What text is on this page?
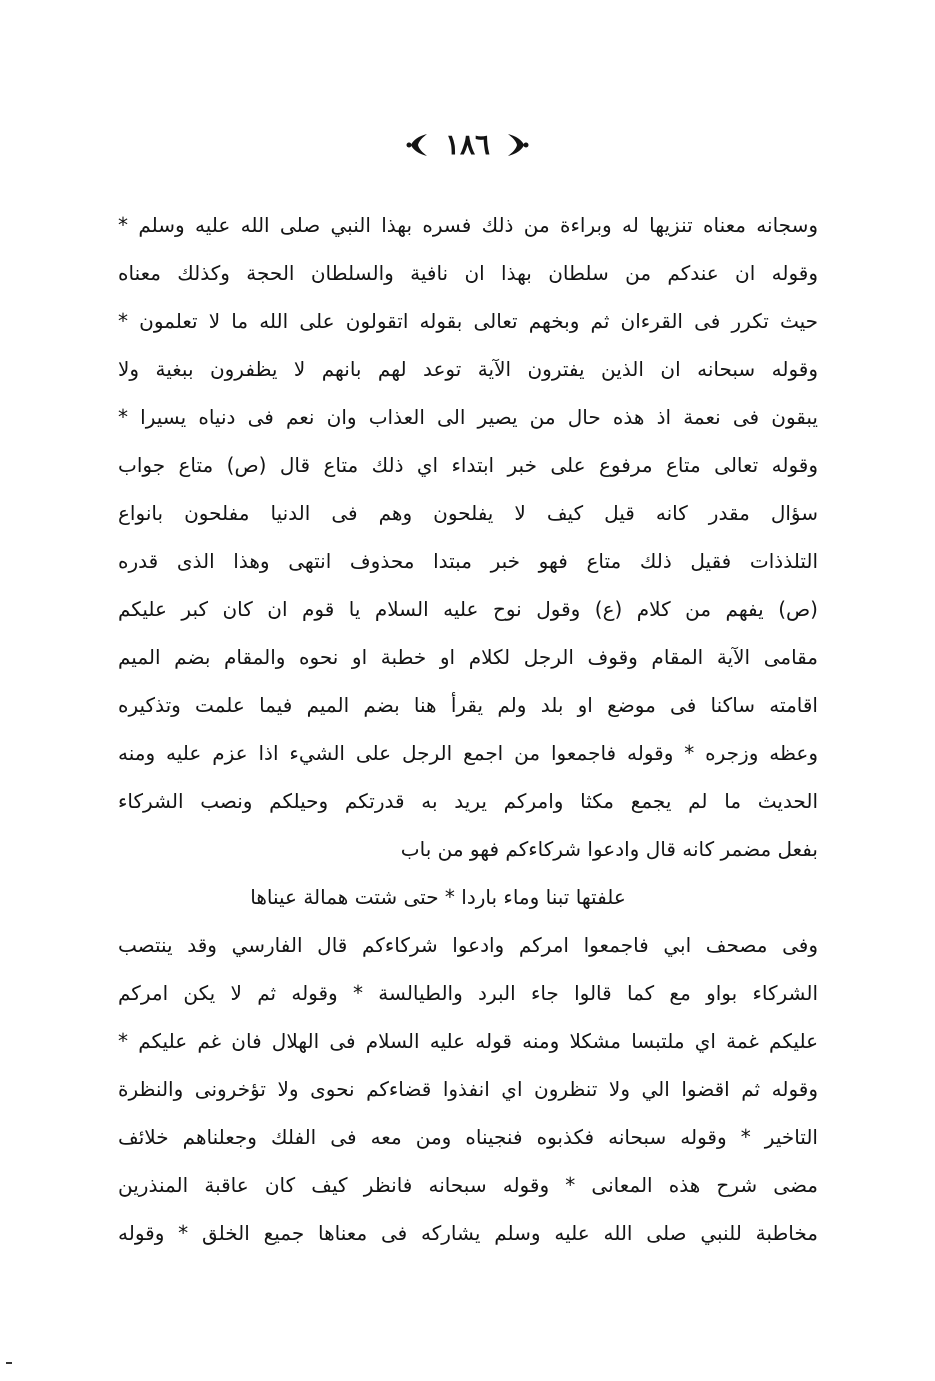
١٨٦
وسجانه معناه تنزيها له وبراءة من ذلك فسره بهذا النبي صلى الله عليه وسلم *
وقوله ان عندكم من سلطان بهذا ان نافية والسلطان الحجة وكذلك معناه
حيث تكرر فى القرءان ثم وبخهم تعالى بقوله اتقولون على الله ما لا تعلمون *
وقوله سبحانه ان الذين يفترون الآية توعد لهم بانهم لا يظفرون ببغية ولا
يبقون فى نعمة اذ هذه حال من يصير الى العذاب وان نعم فى دنياه يسيرا *
وقوله تعالى متاع مرفوع على خبر ابتداء اي ذلك متاع قال (ص) متاع جواب
سؤال مقدر كانه قيل كيف لا يفلحون وهم فى الدنيا مفلحون بانواع
التلذذات فقيل ذلك متاع فهو خبر مبتدا محذوف انتهى وهذا الذى قدره
(ص) يفهم من كلام (ع) وقول نوح عليه السلام يا قوم ان كان كبر عليكم
مقامى الآية المقام وقوف الرجل لكلام او خطبة او نحوه والمقام بضم الميم
اقامته ساكنا فى موضع او بلد ولم يقرأ هنا بضم الميم فيما علمت وتذكيره
وعظه وزجره * وقوله فاجمعوا من اجمع الرجل على الشيء اذا عزم عليه ومنه
الحديث ما لم يجمع مكثا وامركم يريد به قدرتكم وحيلكم ونصب الشركاء
بفعل مضمر كانه قال وادعوا شركاءكم فهو من باب
علفتها تبنا وماء باردا * حتى شتت همالة عيناها
وفى مصحف ابي فاجمعوا امركم وادعوا شركاءكم قال الفارسي وقد ينتصب
الشركاء بواو مع كما قالوا جاء البرد والطيالسة * وقوله ثم لا يكن امركم
عليكم غمة اي ملتبسا مشكلا ومنه قوله عليه السلام فى الهلال فان غم عليكم *
وقوله ثم اقضوا الي ولا تنظرون اي انفذوا قضاءكم نحوى ولا تؤخرونى والنظرة
التاخير * وقوله سبحانه فكذبوه فنجيناه ومن معه فى الفلك وجعلناهم خلائف
مضى شرح هذه المعانى * وقوله سبحانه فانظر كيف كان عاقبة المنذرين
مخاطبة للنبي صلى الله عليه وسلم يشاركه فى معناها جميع الخلق * وقوله
